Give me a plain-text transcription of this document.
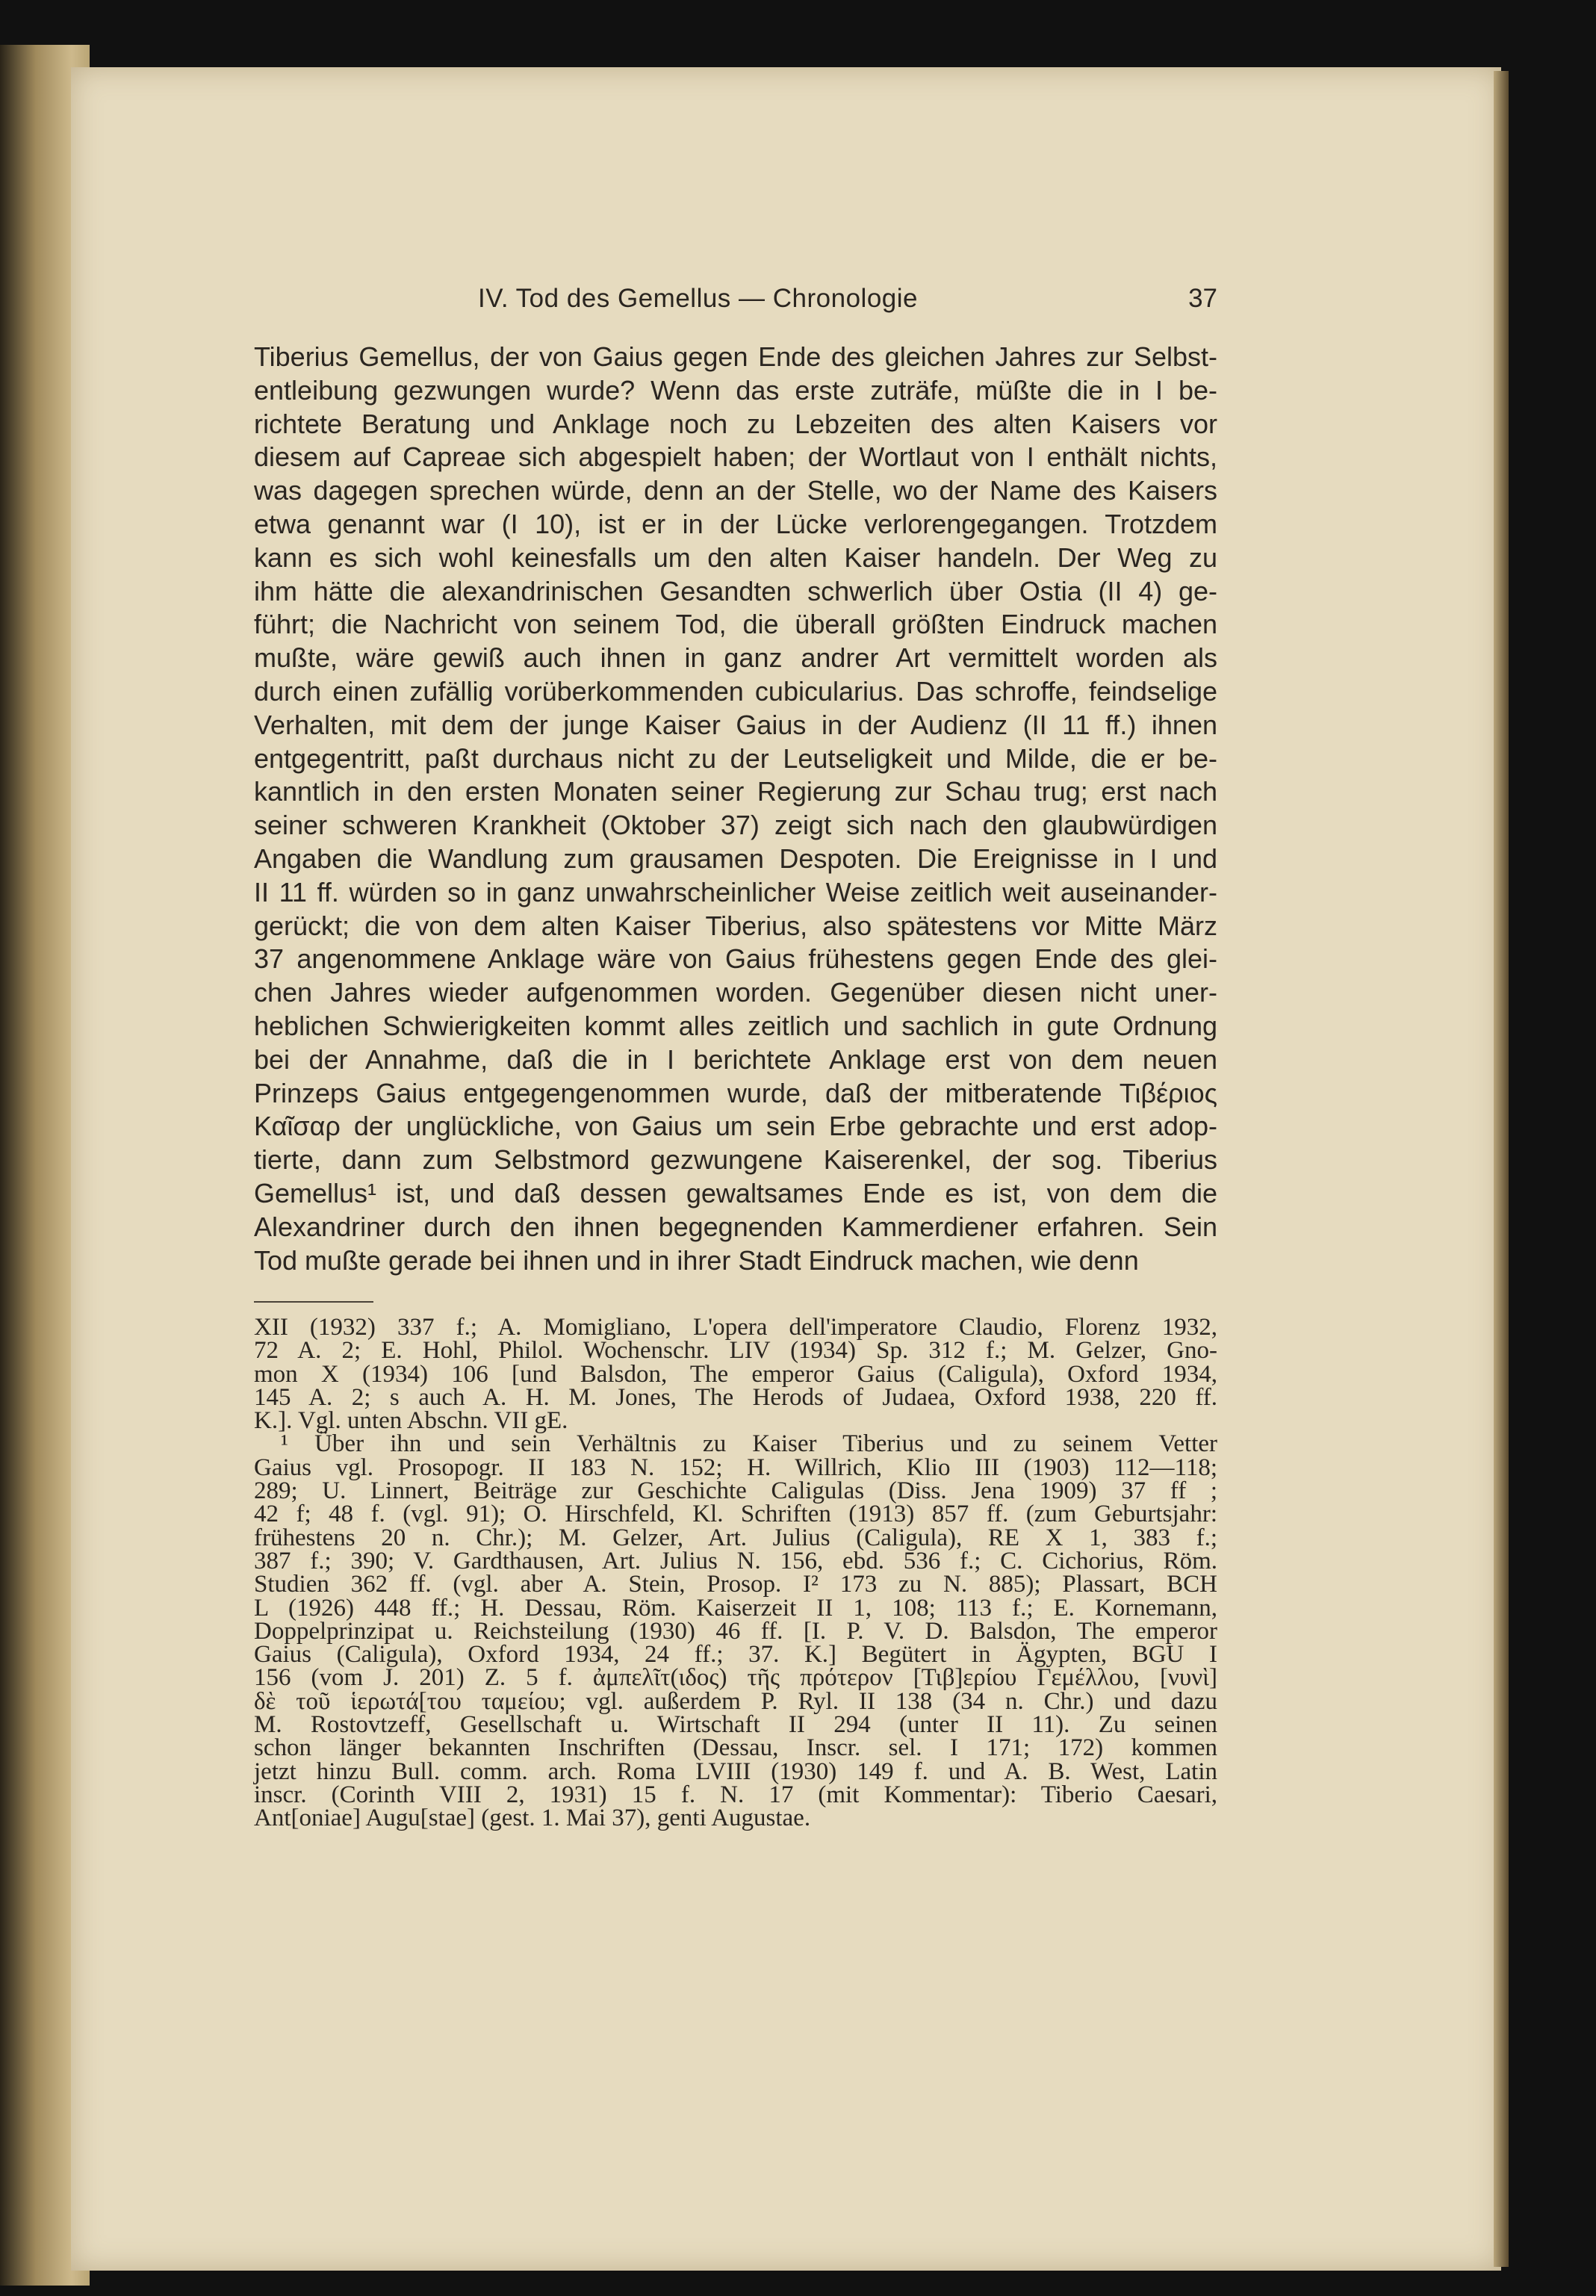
IV. Tod des Gemellus — Chronologie	37
Tiberius Gemellus, der von Gaius gegen Ende des gleichen Jahres zur Selbst-
entleibung gezwungen wurde? Wenn das erste zuträfe, müßte die in I be-
richtete Beratung und Anklage noch zu Lebzeiten des alten Kaisers vor
diesem auf Capreae sich abgespielt haben; der Wortlaut von I enthält nichts,
was dagegen sprechen würde, denn an der Stelle, wo der Name des Kaisers
etwa genannt war (I 10), ist er in der Lücke verlorengegangen. Trotzdem
kann es sich wohl keinesfalls um den alten Kaiser handeln. Der Weg zu
ihm hätte die alexandrinischen Gesandten schwerlich über Ostia (II 4) ge-
führt; die Nachricht von seinem Tod, die überall größten Eindruck machen
mußte, wäre gewiß auch ihnen in ganz andrer Art vermittelt worden als
durch einen zufällig vorüberkommenden cubicularius. Das schroffe, feindselige
Verhalten, mit dem der junge Kaiser Gaius in der Audienz (II 11 ff.) ihnen
entgegentritt, paßt durchaus nicht zu der Leutseligkeit und Milde, die er be-
kanntlich in den ersten Monaten seiner Regierung zur Schau trug; erst nach
seiner schweren Krankheit (Oktober 37) zeigt sich nach den glaubwürdigen
Angaben die Wandlung zum grausamen Despoten. Die Ereignisse in I und
II 11 ff. würden so in ganz unwahrscheinlicher Weise zeitlich weit auseinander-
gerückt; die von dem alten Kaiser Tiberius, also spätestens vor Mitte März
37 angenommene Anklage wäre von Gaius frühestens gegen Ende des glei-
chen Jahres wieder aufgenommen worden. Gegenüber diesen nicht uner-
heblichen Schwierigkeiten kommt alles zeitlich und sachlich in gute Ordnung
bei der Annahme, daß die in I berichtete Anklage erst von dem neuen
Prinzeps Gaius entgegengenommen wurde, daß der mitberatende Τιβέριος
Καῖσαρ der unglückliche, von Gaius um sein Erbe gebrachte und erst adop-
tierte, dann zum Selbstmord gezwungene Kaiserenkel, der sog. Tiberius
Gemellus¹ ist, und daß dessen gewaltsames Ende es ist, von dem die
Alexandriner durch den ihnen begegnenden Kammerdiener erfahren. Sein
Tod mußte gerade bei ihnen und in ihrer Stadt Eindruck machen, wie denn
XII (1932) 337 f.; A. Momigliano, L'opera dell'imperatore Claudio, Florenz 1932,
72 A. 2; E. Hohl, Philol. Wochenschr. LIV (1934) Sp. 312 f.; M. Gelzer, Gno-
mon X (1934) 106 [und Balsdon, The emperor Gaius (Caligula), Oxford 1934,
145 A. 2; s auch A. H. M. Jones, The Herods of Judaea, Oxford 1938, 220 ff.
K.]. Vgl. unten Abschn. VII gE.
¹ Über ihn und sein Verhältnis zu Kaiser Tiberius und zu seinem Vetter
Gaius vgl. Prosopogr. II 183 N. 152; H. Willrich, Klio III (1903) 112—118;
289; U. Linnert, Beiträge zur Geschichte Caligulas (Diss. Jena 1909) 37 ff ;
42 f; 48 f. (vgl. 91); O. Hirschfeld, Kl. Schriften (1913) 857 ff. (zum Geburtsjahr:
frühestens 20 n. Chr.); M. Gelzer, Art. Julius (Caligula), RE X 1, 383 f.;
387 f.; 390; V. Gardthausen, Art. Julius N. 156, ebd. 536 f.; C. Cichorius, Röm.
Studien 362 ff. (vgl. aber A. Stein, Prosop. I² 173 zu N. 885); Plassart, BCH
L (1926) 448 ff.; H. Dessau, Röm. Kaiserzeit II 1, 108; 113 f.; E. Kornemann,
Doppelprinzipat u. Reichsteilung (1930) 46 ff. [I. P. V. D. Balsdon, The emperor
Gaius (Caligula), Oxford 1934, 24 ff.; 37. K.] Begütert in Ägypten, BGU I
156 (vom J. 201) Z. 5 f. ἀμπελῖτ(ιδος) τῆς πρότερον [Τιβ]ερίου Γεμέλλου, [νυνὶ]
δὲ τοῦ ἱερωτά[του ταμείου; vgl. außerdem P. Ryl. II 138 (34 n. Chr.) und dazu
M. Rostovtzeff, Gesellschaft u. Wirtschaft II 294 (unter II 11). Zu seinen
schon länger bekannten Inschriften (Dessau, Inscr. sel. I 171; 172) kommen
jetzt hinzu Bull. comm. arch. Roma LVIII (1930) 149 f. und A. B. West, Latin
inscr. (Corinth VIII 2, 1931) 15 f. N. 17 (mit Kommentar): Tiberio Caesari,
Ant[oniae] Augu[stae] (gest. 1. Mai 37), genti Augustae.
